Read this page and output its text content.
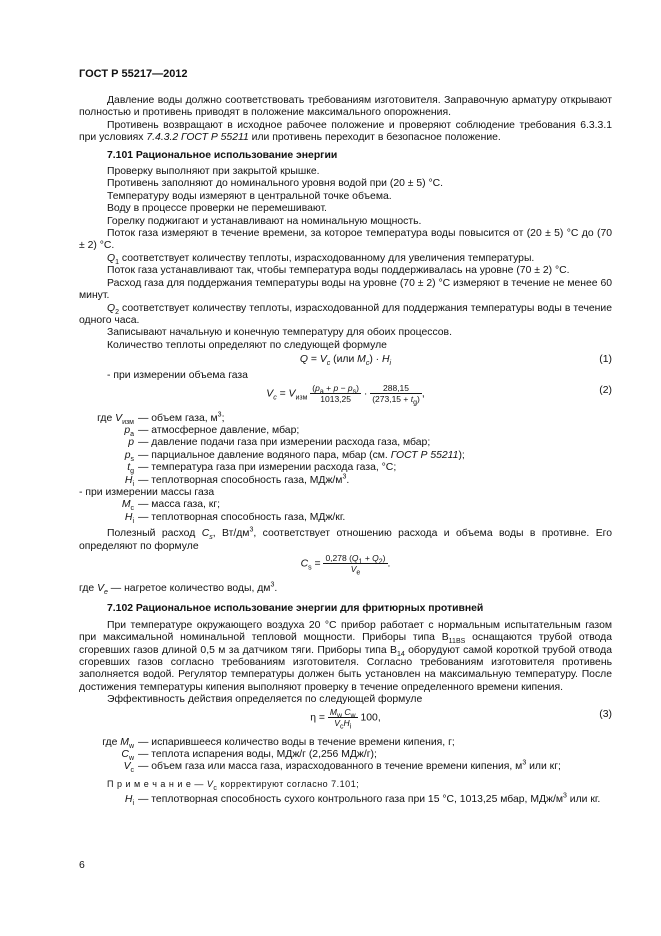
ГОСТ Р 55217—2012

Давление воды должно соответствовать требованиям изготовителя. Заправочную арматуру открывают полностью и противень приводят в положение максимального опорожнения.

Противень возвращают в исходное рабочее положение и проверяют соблюдение требования 6.3.3.1 при условиях 7.4.3.2 ГОСТ Р 55211 или противень переходит в безопасное положение.

7.101 Рациональное использование энергии

Проверку выполняют при закрытой крышке.

Противень заполняют до номинального уровня водой при (20 ± 5) °С.

Температуру воды измеряют в центральной точке объема.

Воду в процессе проверки не перемешивают.

Горелку поджигают и устанавливают на номинальную мощность.

Поток газа измеряют в течение времени, за которое температура воды повысится от (20 ± 5) °С до (70 ± 2) °С.

$Q_1$ соответствует количеству теплоты, израсходованному для увеличения температуры.

Поток газа устанавливают так, чтобы температура воды поддерживалась на уровне (70 ± 2) °С.

Расход газа для поддержания температуры воды на уровне (70 ± 2) °С измеряют в течение не менее 60 минут.

$Q_2$ соответствует количеству теплоты, израсходованной для поддержания температуры воды в течение одного часа.

Записывают начальную и конечную температуру для обоих процессов.

Количество теплоты определяют по следующей формуле

$Q = V_c$ (или $M_c) \cdot H_i$	(1)

- при измерении объема газа

$V_c = V_{изм} \frac{(p_a + p - p_s)}{1013,25} \cdot \frac{288,15}{(273,15 + t_g)}$ ,	(2)
где $V_{изм}$ — объем газа, $м^3$;
$p_a$ — атмосферное давление, мбар;
p — давление подачи газа при измерении расхода газа, мбар;
$p_s$ — парциальное давление водяного пара, мбар (см. ГОСТ Р 55211);
$t_g$ — температура газа при измерении расхода газа, °С;
$H_i$ — теплотворная способность газа, МДж/$м^3$.

- при измерении массы газа

$M_c$ — масса газа, кг;
$H_i$ — теплотворная способность газа, МДж/кг.

Полезный расход $C_s$, $Вт/дм^3$, соответствует отношению расхода и объема воды в противне. Его определяют по формуле

$C_s = \frac{0,278 (Q_1 + Q_2)}{V_e}$ .

где $V_e$ — нагретое количество воды, $дм^3$.

7.102 Рациональное использование энергии для фритюрных противней

При температуре окружающего воздуха 20 °С прибор работает с нормальным испытательным газом при максимальной номинальной тепловой мощности. Приборы типа $B_{11BS}$ оснащаются трубой отвода сгоревших газов длиной 0,5 м за датчиком тяги. Приборы типа $B_{14}$ оборудуют самой короткой трубой отвода сгоревших газов согласно требованиям изготовителя. Согласно требованиям изготовителя противень заполняется водой. Регулятор температуры должен быть установлен на максимальную температуру. После достижения температуры кипения выполняют проверку в течение определенного времени кипения.

Эффективность действия определяется по следующей формуле

$\eta = \frac{M_w C_w}{V_cH_i} 100$,	(3)
где $M_w$ — испарившееся количество воды в течение времени кипения, г;
$C_w$ — теплота испарения воды, МДж/г (2,256 МДж/г);
$V_c$ — объем газа или масса газа, израсходованного в течение времени кипения, $м^3$ или кг;

П р и м е ч а н и е — $V_c$ корректируют согласно 7.101;

$H_i$ — теплотворная способность сухого контрольного газа при 15 °С, 1013,25 мбар, МДж/$м^3$ или кг.
6
